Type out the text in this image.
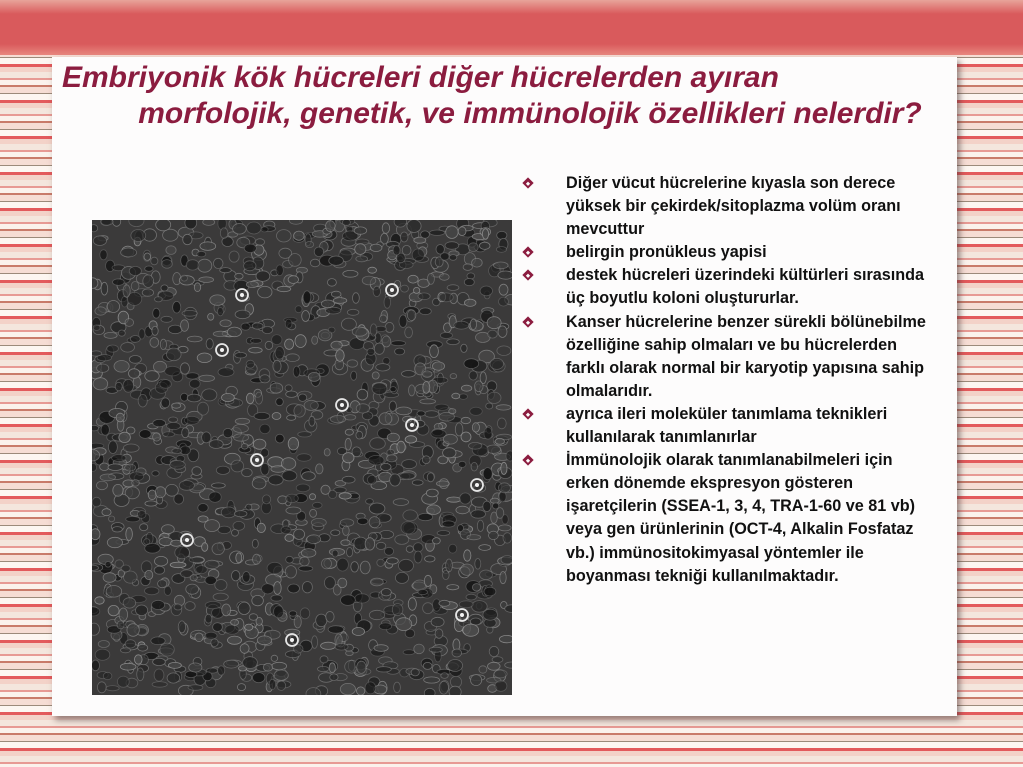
Embriyonik kök hücreleri diğer hücrelerden ayıran
morfolojik, genetik, ve immünolojik özellikleri nelerdir?
Diğer vücut hücrelerine kıyasla son derece yüksek bir çekirdek/sitoplazma volüm oranı mevcuttur
belirgin pronükleus yapisi
destek hücreleri üzerindeki kültürleri sırasında üç boyutlu koloni oluştururlar.
Kanser hücrelerine benzer sürekli bölünebilme özelliğine sahip olmaları ve bu hücrelerden farklı olarak normal bir karyotip yapısına sahip olmalarıdır.
ayrıca ileri moleküler tanımlama teknikleri kullanılarak tanımlanırlar
İmmünolojik olarak tanımlanabilmeleri için erken dönemde ekspresyon gösteren işaretçilerin (SSEA-1, 3, 4, TRA-1-60 ve 81 vb) veya gen ürünlerinin (OCT-4, Alkalin Fosfataz vb.) immünositokimyasal yöntemler ile boyanması tekniği kullanılmaktadır.
